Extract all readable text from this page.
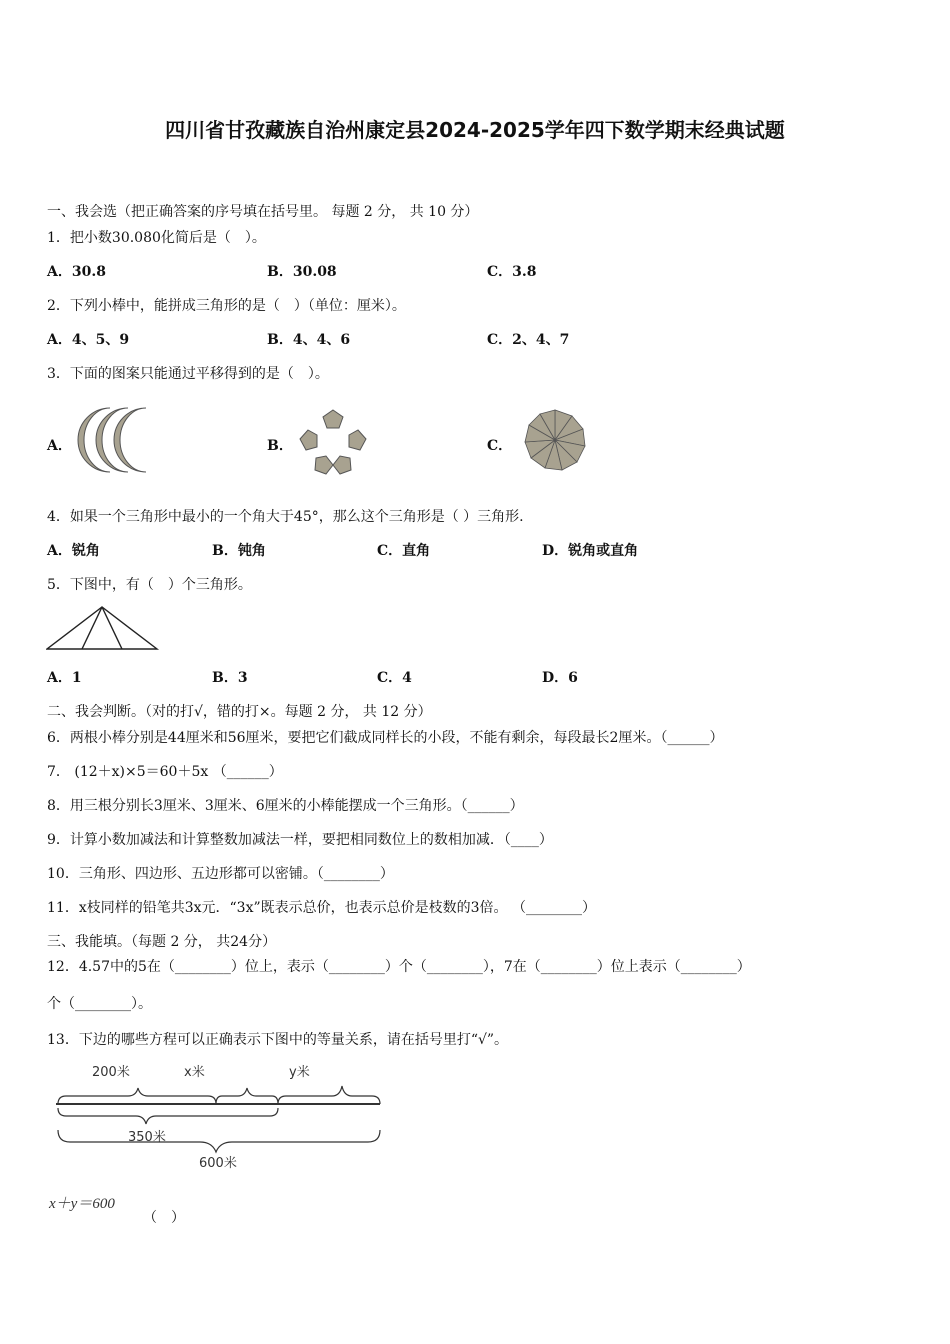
四川省甘孜藏族自治州康定县2024-2025学年四下数学期末经典试题
一、我会选（把正确答案的序号填在括号里。 每题 2 分， 共 10 分）
1．把小数30.080化简后是（　）。
A．30.8	B．30.08	C．3.8
2．下列小棒中，能拼成三角形的是（　）（单位：厘米）。
A．4、5、9	B．4、4、6	C．2、4、7
3．下面的图案只能通过平移得到的是（　）。
A．	B．	C．
4．如果一个三角形中最小的一个角大于45°，那么这个三角形是（ ）三角形.
A．锐角	B．钝角	C．直角	D．锐角或直角
5．下图中，有（　）个三角形。
A．1	B．3	C．4	D．6
二、我会判断。（对的打√，错的打×。每题 2 分， 共 12 分）
6．两根小棒分别是44厘米和56厘米，要把它们截成同样长的小段，不能有剩余，每段最长2厘米。（______）
7． (12＋x)×5＝60＋5x （______）
8．用三根分别长3厘米、3厘米、6厘米的小棒能摆成一个三角形。（______）
9．计算小数加减法和计算整数加减法一样，要把相同数位上的数相加减．（____）
10．三角形、四边形、五边形都可以密铺。（________）
11．x枝同样的铅笔共3x元．“3x”既表示总价，也表示总价是枝数的3倍。 （________）
三、我能填。（每题 2 分， 共24分）
12．4.57中的5在（________）位上，表示（________）个（________），7在（________）位上表示（________）
个（________）。
13．下边的哪些方程可以正确表示下图中的等量关系，请在括号里打“√”。
200米	x米	y米
350米
600米
x＋y＝600
（　）
